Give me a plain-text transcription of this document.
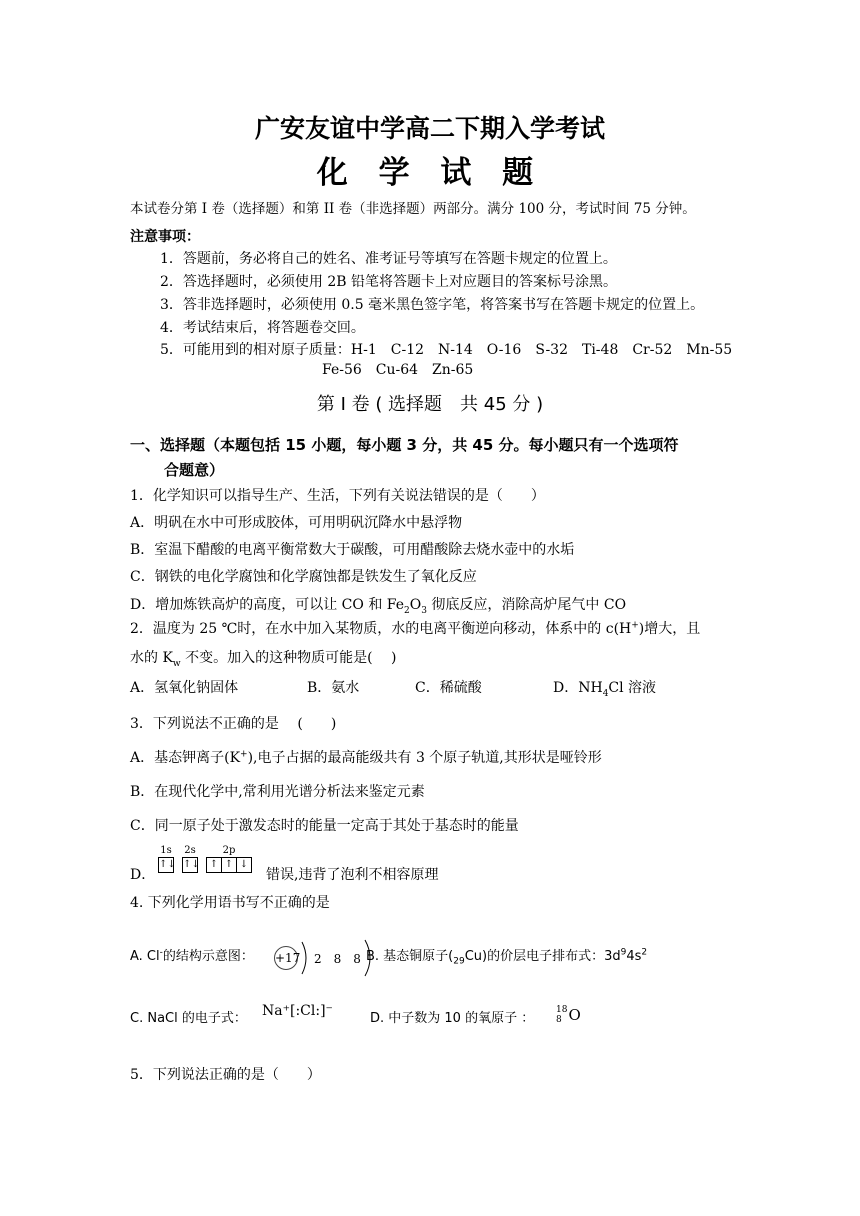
广安友谊中学高二下期入学考试
化 学 试 题
本试卷分第 I 卷（选择题）和第 II 卷（非选择题）两部分。满分 100 分，考试时间 75 分钟。
注意事项：
1．答题前，务必将自己的姓名、准考证号等填写在答题卡规定的位置上。
2．答选择题时，必须使用 2B 铅笔将答题卡上对应题目的答案标号涂黑。
3．答非选择题时，必须使用 0.5 毫米黑色签字笔，将答案书写在答题卡规定的位置上。
4．考试结束后，将答题卷交回。
5．可能用到的相对原子质量：H-1　C-12　N-14　O-16　S-32　Ti-48　Cr-52　Mn-55
Fe-56　Cu-64　Zn-65
第 I 卷 ( 选择题　共 45 分 )
一、选择题（本题包括 15 小题，每小题 3 分，共 45 分。每小题只有一个选项符
合题意）
1．化学知识可以指导生产、生活，下列有关说法错误的是（　　）
A．明矾在水中可形成胶体，可用明矾沉降水中悬浮物
B．室温下醋酸的电离平衡常数大于碳酸，可用醋酸除去烧水壶中的水垢
C．钢铁的电化学腐蚀和化学腐蚀都是铁发生了氧化反应
D．增加炼铁高炉的高度，可以让 CO 和 $Fe_2O_3$ 彻底反应，消除高炉尾气中 CO
2．温度为 25 ℃时，在水中加入某物质，水的电离平衡逆向移动，体系中的 c(H+)增大，且
水的 $K_w$ 不变。加入的这种物质可能是(　 )
A．氢氧化钠固体	B．氨水	C．稀硫酸	D．$NH_4Cl$ 溶液
3．下列说法不正确的是　 (　　)
A．基态钾离子(K+),电子占据的最高能级共有 3 个原子轨道,其形状是哑铃形
B．在现代化学中,常利用光谱分析法来鉴定元素
C．同一原子处于激发态时的能量一定高于其处于基态时的能量
D．
1s
↑↓
2s
↑↓
2p
↑ ↑ ↓
错误,违背了泡利不相容原理
4. 下列化学用语书写不正确的是
A. Cl-的结构示意图： +17 2　8　8 B. 基态铜原子$(_{29}Cu)$的价层电子排布式：$3d^94s^2$
C. NaCl 的电子式： Na⁺[:Cl:]⁻	D. 中子数为 10 的氧原子 ：
18
8 O
5．下列说法正确的是（　　）
